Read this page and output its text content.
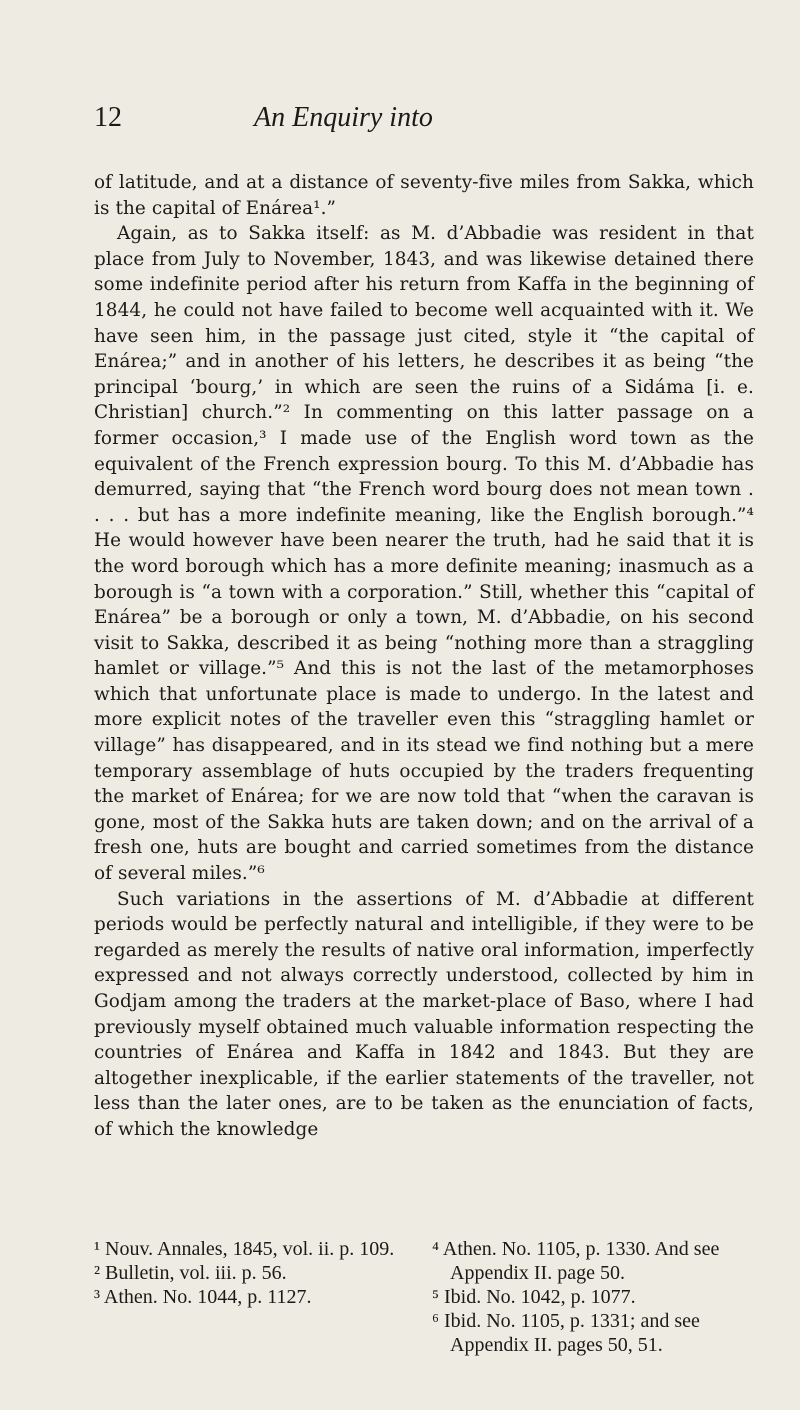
12	An Enquiry into

of latitude, and at a distance of seventy-five miles from Sakka, which is the capital of Enárea¹.”

Again, as to Sakka itself: as M. d’Abbadie was resident in that place from July to November, 1843, and was likewise detained there some indefinite period after his return from Kaffa in the beginning of 1844, he could not have failed to become well acquainted with it. We have seen him, in the passage just cited, style it “the capital of Enárea;” and in another of his letters, he describes it as being “the principal ‘bourg,’ in which are seen the ruins of a Sidáma [i. e. Christian] church.”² In commenting on this latter passage on a former occasion,³ I made use of the English word town as the equivalent of the French expression bourg. To this M. d’Abbadie has demurred, saying that “the French word bourg does not mean town . . . . but has a more indefinite meaning, like the English borough.”⁴ He would however have been nearer the truth, had he said that it is the word borough which has a more definite meaning; inasmuch as a borough is “a town with a corporation.” Still, whether this “capital of Enárea” be a borough or only a town, M. d’Abbadie, on his second visit to Sakka, described it as being “nothing more than a straggling hamlet or village.”⁵ And this is not the last of the metamorphoses which that unfortunate place is made to undergo. In the latest and more explicit notes of the traveller even this “straggling hamlet or village” has disappeared, and in its stead we find nothing but a mere temporary assemblage of huts occupied by the traders frequenting the market of Enárea; for we are now told that “when the caravan is gone, most of the Sakka huts are taken down; and on the arrival of a fresh one, huts are bought and carried sometimes from the distance of several miles.”⁶

Such variations in the assertions of M. d’Abbadie at different periods would be perfectly natural and intelligible, if they were to be regarded as merely the results of native oral information, imperfectly expressed and not always correctly understood, collected by him in Godjam among the traders at the market-place of Baso, where I had previously myself obtained much valuable information respecting the countries of Enárea and Kaffa in 1842 and 1843. But they are altogether inexplicable, if the earlier statements of the traveller, not less than the later ones, are to be taken as the enunciation of facts, of which the knowledge

¹ Nouv. Annales, 1845, vol. ii. p. 109.
² Bulletin, vol. iii. p. 56.
³ Athen. No. 1044, p. 1127.
⁴ Athen. No. 1105, p. 1330. And see Appendix II. page 50.
⁵ Ibid. No. 1042, p. 1077.
⁶ Ibid. No. 1105, p. 1331; and see Appendix II. pages 50, 51.
